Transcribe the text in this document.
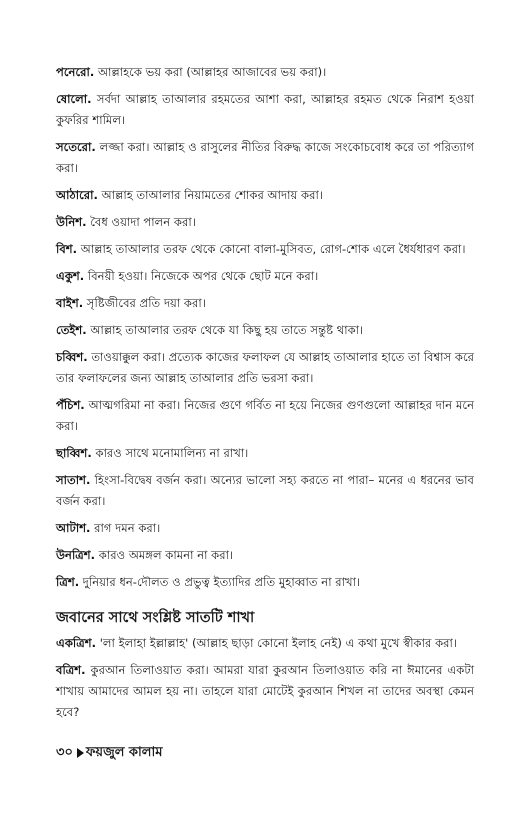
পনেরো. আল্লাহকে ভয় করা (আল্লাহর আজাবের ভয় করা)।

ষোলো. সর্বদা আল্লাহ তাআলার রহমতের আশা করা, আল্লাহর রহমত থেকে নিরাশ হওয়া কুফরির শামিল।

সতেরো. লজ্জা করা। আল্লাহ ও রাসুলের নীতির বিরুদ্ধ কাজে সংকোচবোধ করে তা পরিত্যাগ করা।

আঠারো. আল্লাহ তাআলার নিয়ামতের শোকর আদায় করা।

উনিশ. বৈধ ওয়াদা পালন করা।

বিশ. আল্লাহ তাআলার তরফ থেকে কোনো বালা-মুসিবত, রোগ-শোক এলে ধৈর্যধারণ করা।

একুশ. বিনয়ী হওয়া। নিজেকে অপর থেকে ছোট মনে করা।

বাইশ. সৃষ্টিজীবের প্রতি দয়া করা।

তেইশ. আল্লাহ তাআলার তরফ থেকে যা কিছু হয় তাতে সন্তুষ্ট থাকা।

চব্বিশ. তাওয়াক্কুল করা। প্রত্যেক কাজের ফলাফল যে আল্লাহ তাআলার হাতে তা বিশ্বাস করে তার ফলাফলের জন্য আল্লাহ তাআলার প্রতি ভরসা করা।

পঁচিশ. আত্মগরিমা না করা। নিজের গুণে গর্বিত না হয়ে নিজের গুণগুলো আল্লাহর দান মনে করা।

ছাব্বিশ. কারও সাথে মনোমালিন্য না রাখা।

সাতাশ. হিংসা-বিদ্বেষ বর্জন করা। অন্যের ভালো সহ্য করতে না পারা– মনের এ ধরনের ভাব বর্জন করা।

আটাশ. রাগ দমন করা।

উনত্রিশ. কারও অমঙ্গল কামনা না করা।

ত্রিশ. দুনিয়ার ধন-দৌলত ও প্রভুত্ব ইত্যাদির প্রতি মুহাব্বাত না রাখা।

জবানের সাথে সংশ্লিষ্ট সাতটি শাখা

একত্রিশ. 'লা ইলাহা ইল্লাল্লাহ' (আল্লাহ ছাড়া কোনো ইলাহ নেই) এ কথা মুখে স্বীকার করা।

বত্রিশ. কুরআন তিলাওয়াত করা। আমরা যারা কুরআন তিলাওয়াত করি না ঈমানের একটা শাখায় আমাদের আমল হয় না। তাহলে যারা মোটেই কুরআন শিখল না তাদের অবস্থা কেমন হবে?

৩০ ফয়জুল কালাম
